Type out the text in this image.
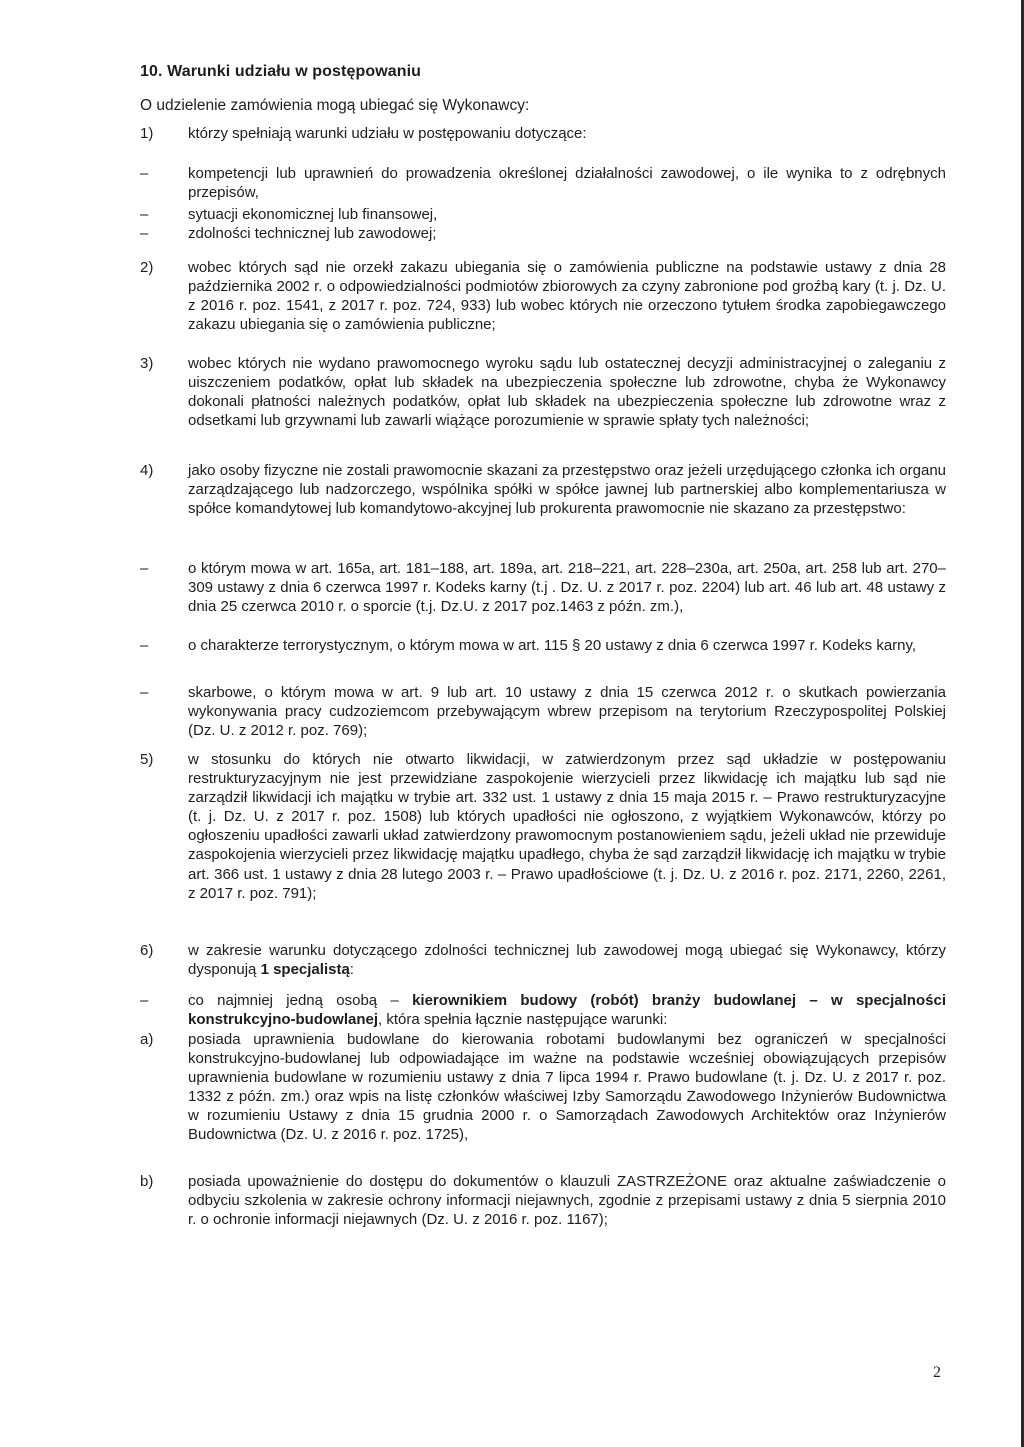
10. Warunki udziału w postępowaniu
O udzielenie zamówienia mogą ubiegać się Wykonawcy:
1)	którzy spełniają warunki udziału w postępowaniu dotyczące:
–	kompetencji lub uprawnień do prowadzenia określonej działalności zawodowej, o ile wynika to z odrębnych przepisów,
–	sytuacji ekonomicznej lub finansowej,
–	zdolności technicznej lub zawodowej;
2)	wobec których sąd nie orzekł zakazu ubiegania się o zamówienia publiczne na podstawie ustawy z dnia 28 października 2002 r. o odpowiedzialności podmiotów zbiorowych za czyny zabronione pod groźbą kary (t. j. Dz. U. z 2016 r. poz. 1541, z 2017 r. poz. 724, 933) lub wobec których nie orzeczono tytułem środka zapobiegawczego zakazu ubiegania się o zamówienia publiczne;
3)	wobec których nie wydano prawomocnego wyroku sądu lub ostatecznej decyzji administracyjnej o zaleganiu z uiszczeniem podatków, opłat lub składek na ubezpieczenia społeczne lub zdrowotne, chyba że Wykonawcy dokonali płatności należnych podatków, opłat lub składek na ubezpieczenia społeczne lub zdrowotne wraz z odsetkami lub grzywnami lub zawarli wiążące porozumienie w sprawie spłaty tych należności;
4)	jako osoby fizyczne nie zostali prawomocnie skazani za przestępstwo oraz jeżeli urzędującego członka ich organu zarządzającego lub nadzorczego, wspólnika spółki w spółce jawnej lub partnerskiej albo komplementariusza w spółce komandytowej lub komandytowo-akcyjnej lub prokurenta prawomocnie nie skazano za przestępstwo:
–	o którym mowa w art. 165a, art. 181–188, art. 189a, art. 218–221, art. 228–230a, art. 250a, art. 258 lub art. 270–309 ustawy z dnia 6 czerwca 1997 r. Kodeks karny (t.j . Dz. U. z 2017 r. poz. 2204) lub art. 46 lub art. 48 ustawy z dnia 25 czerwca 2010 r. o sporcie (t.j. Dz.U. z 2017 poz.1463 z późn. zm.),
–	o charakterze terrorystycznym, o którym mowa w art. 115 § 20 ustawy z dnia 6 czerwca 1997 r. Kodeks karny,
–	skarbowe, o którym mowa w art. 9 lub art. 10 ustawy z dnia 15 czerwca 2012 r. o skutkach powierzania wykonywania pracy cudzoziemcom przebywającym wbrew przepisom na terytorium Rzeczypospolitej Polskiej (Dz. U. z 2012 r. poz. 769);
5)	w stosunku do których nie otwarto likwidacji, w zatwierdzonym przez sąd układzie w postępowaniu restrukturyzacyjnym nie jest przewidziane zaspokojenie wierzycieli przez likwidację ich majątku lub sąd nie zarządził likwidacji ich majątku w trybie art. 332 ust. 1 ustawy z dnia 15 maja 2015 r. – Prawo restrukturyzacyjne (t. j. Dz. U. z 2017 r. poz. 1508) lub których upadłości nie ogłoszono, z wyjątkiem Wykonawców, którzy po ogłoszeniu upadłości zawarli układ zatwierdzony prawomocnym postanowieniem sądu, jeżeli układ nie przewiduje zaspokojenia wierzycieli przez likwidację majątku upadłego, chyba że sąd zarządził likwidację ich majątku w trybie art. 366 ust. 1 ustawy z dnia 28 lutego 2003 r. – Prawo upadłościowe (t. j. Dz. U. z 2016 r. poz. 2171, 2260, 2261, z 2017 r. poz. 791);
6)	w zakresie warunku dotyczącego zdolności technicznej lub zawodowej mogą ubiegać się Wykonawcy, którzy dysponują 1 specjalistą:
–	co najmniej jedną osobą – kierownikiem budowy (robót) branży budowlanej – w specjalności konstrukcyjno-budowlanej, która spełnia łącznie następujące warunki:
a)	posiada uprawnienia budowlane do kierowania robotami budowlanymi bez ograniczeń w specjalności konstrukcyjno-budowlanej lub odpowiadające im ważne na podstawie wcześniej obowiązujących przepisów uprawnienia budowlane w rozumieniu ustawy z dnia 7 lipca 1994 r. Prawo budowlane (t. j. Dz. U. z 2017 r. poz. 1332 z późn. zm.) oraz wpis na listę członków właściwej Izby Samorządu Zawodowego Inżynierów Budownictwa w rozumieniu Ustawy z dnia 15 grudnia 2000 r. o Samorządach Zawodowych Architektów oraz Inżynierów Budownictwa (Dz. U. z 2016 r. poz. 1725),
b)	posiada upoważnienie do dostępu do dokumentów o klauzuli ZASTRZEŻONE oraz aktualne zaświadczenie o odbyciu szkolenia w zakresie ochrony informacji niejawnych, zgodnie z przepisami ustawy z dnia 5 sierpnia 2010 r. o ochronie informacji niejawnych (Dz. U. z 2016 r. poz. 1167);
2
